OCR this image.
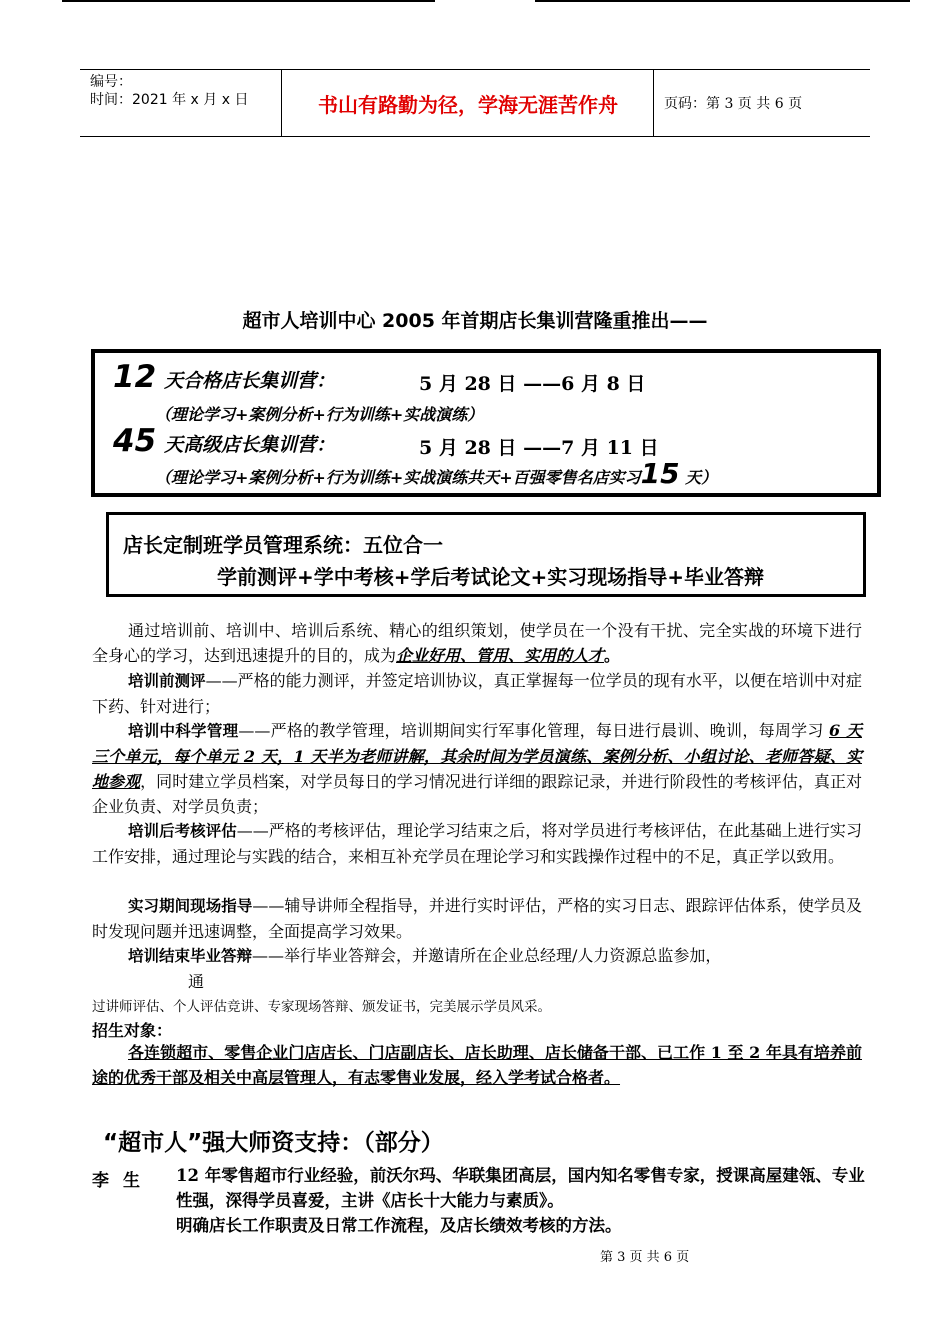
编号：
时间：2021 年 x 月 x 日	书山有路勤为径，学海无涯苦作舟	页码：第 3 页 共 6 页
超市人培训中心 2005 年首期店长集训营隆重推出——
12 天合格店长集训营：	5 月 28 日 ——6 月 8 日
（理论学习+案例分析+行为训练+实战演练）
45 天高级店长集训营：	5 月 28 日 ——7 月 11 日
（理论学习+案例分析+行为训练+实战演练共天+百强零售名店实习15 天）
店长定制班学员管理系统：五位合一
学前测评+学中考核+学后考试论文+实习现场指导+毕业答辩
通过培训前、培训中、培训后系统、精心的组织策划，使学员在一个没有干扰、完全实战的环境下进行全身心的学习，达到迅速提升的目的，成为企业好用、管用、实用的人才。
培训前测评——严格的能力测评，并签定培训协议，真正掌握每一位学员的现有水平，以便在培训中对症下药、针对进行；
培训中科学管理——严格的教学管理，培训期间实行军事化管理，每日进行晨训、晚训，每周学习 6 天三个单元，每个单元 2 天，1 天半为老师讲解，其余时间为学员演练、案例分析、小组讨论、老师答疑、实地参观，同时建立学员档案，对学员每日的学习情况进行详细的跟踪记录，并进行阶段性的考核评估，真正对企业负责、对学员负责；
培训后考核评估——严格的考核评估，理论学习结束之后，将对学员进行考核评估，在此基础上进行实习工作安排，通过理论与实践的结合，来相互补充学员在理论学习和实践操作过程中的不足，真正学以致用。
实习期间现场指导——辅导讲师全程指导，并进行实时评估，严格的实习日志、跟踪评估体系，使学员及时发现问题并迅速调整，全面提高学习效果。
培训结束毕业答辩——举行毕业答辩会，并邀请所在企业总经理/人力资源总监参加，
通
过讲师评估、个人评估竞讲、专家现场答辩、颁发证书，完美展示学员风采。
招生对象：
各连锁超市、零售企业门店店长、门店副店长、店长助理、店长储备干部、已工作 1 至 2 年具有培养前途的优秀干部及相关中高层管理人，有志零售业发展，经入学考试合格者。
“超市人”强大师资支持：（部分）
李生 12 年零售超市行业经验，前沃尔玛、华联集团高层，国内知名零售专家，授课高屋建瓴、专业性强，深得学员喜爱，主讲《店长十大能力与素质》。
明确店长工作职责及日常工作流程，及店长绩效考核的方法。
第 3 页 共 6 页
